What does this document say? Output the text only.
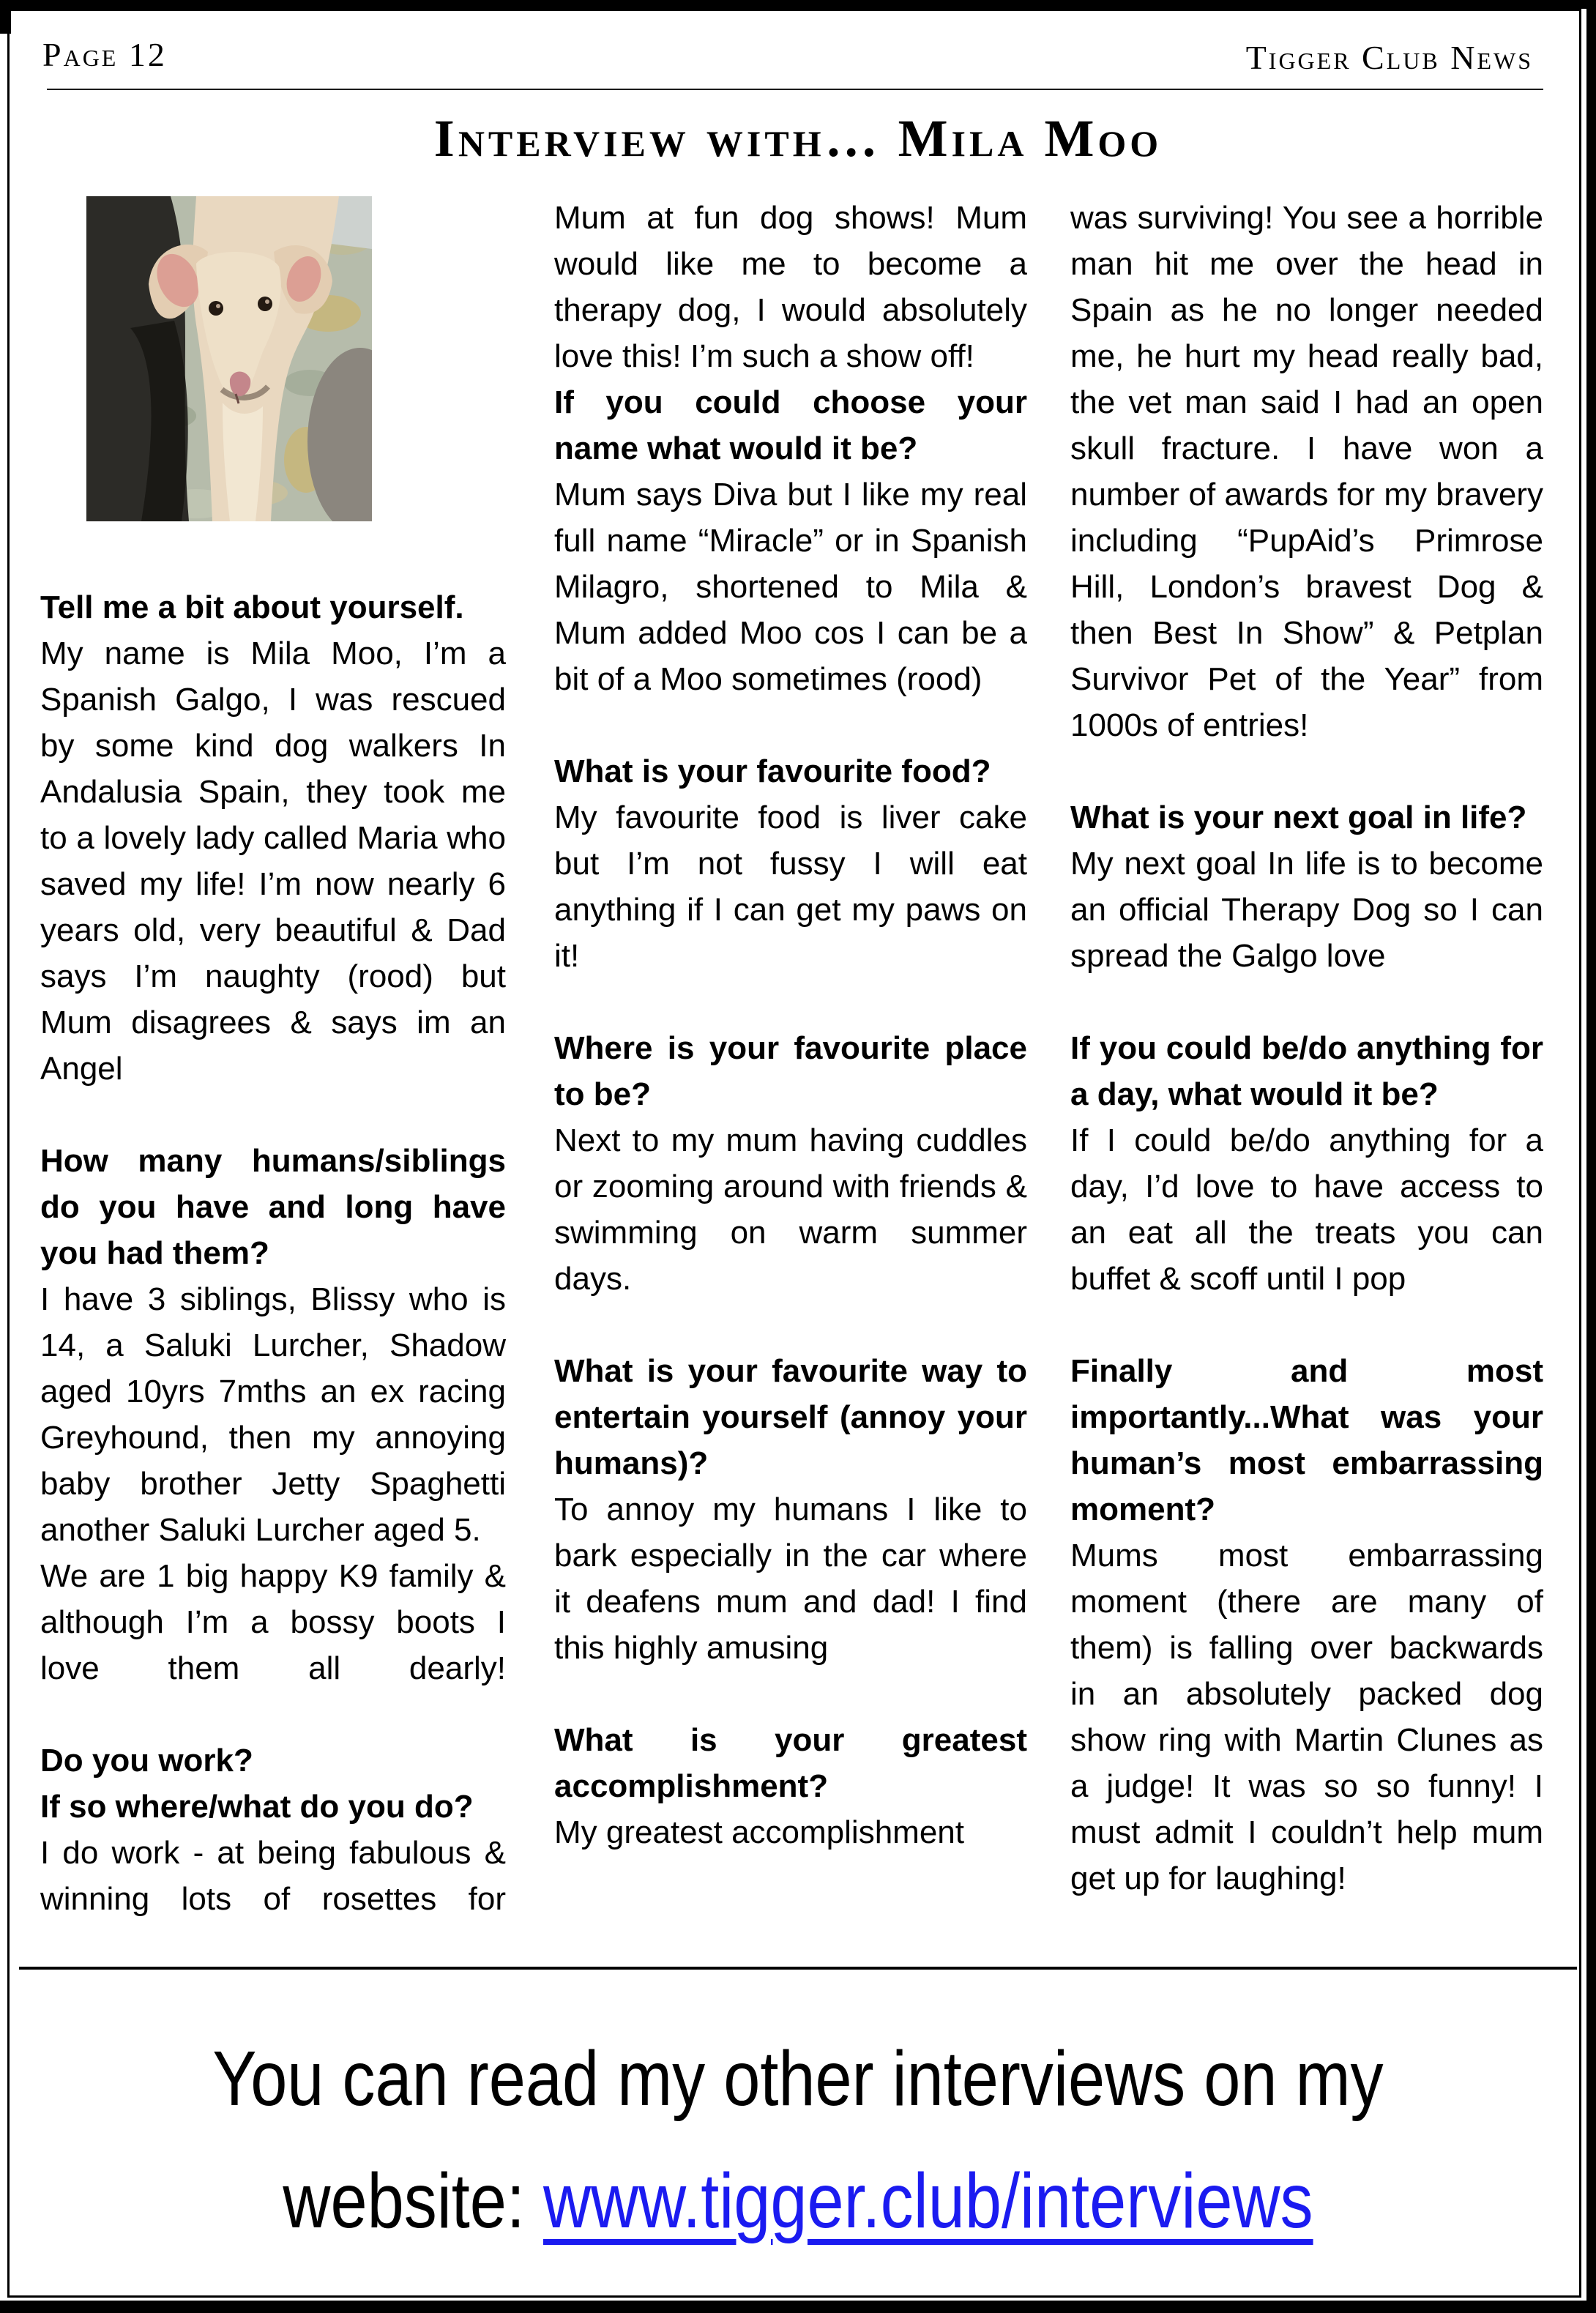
Page 12	Tigger Club News
Interview with… Mila Moo
Tell me a bit about yourself.
My name is Mila Moo, I’m a Spanish Galgo, I was rescued by some kind dog walkers In Andalusia Spain, they took me to a lovely lady called Maria who saved my life! I’m now nearly 6 years old, very beautiful & Dad says I’m naughty (rood) but Mum disagrees & says im an Angel
How many humans/siblings do you have and long have you had them?
I have 3 siblings, Blissy who is 14, a Saluki Lurcher, Shadow aged 10yrs 7mths an ex racing Greyhound, then my annoying baby brother Jetty Spaghetti another Saluki Lurcher aged 5.
We are 1 big happy K9 family & although I’m a bossy boots I love them all dearly!
Do you work?
If so where/what do you do?
I do work - at being fabulous & winning lots of rosettes for
Mum at fun dog shows! Mum would like me to become a therapy dog, I would absolutely love this! I’m such a show off!
If you could choose your name what would it be?
Mum says Diva but I like my real full name “Miracle” or in Spanish Milagro, shortened to Mila & Mum added Moo cos I can be a bit of a Moo sometimes (rood)
What is your favourite food?
My favourite food is liver cake but I’m not fussy I will eat anything if I can get my paws on it!
Where is your favourite place to be?
Next to my mum having cuddles or zooming around with friends & swimming on warm summer days.
What is your favourite way to entertain yourself (annoy your humans)?
To annoy my humans I like to bark especially in the car where it deafens mum and dad! I find this highly amusing
What is your greatest accomplishment?
My greatest accomplishment
was surviving! You see a horrible man hit me over the head in Spain as he no longer needed me, he hurt my head really bad, the vet man said I had an open skull fracture. I have won a number of awards for my bravery including “PupAid’s Primrose Hill, London’s bravest Dog & then Best In Show” & Petplan Survivor Pet of the Year” from 1000s of entries!
What is your next goal in life?
My next goal In life is to become an official Therapy Dog so I can spread the Galgo love
If you could be/do anything for a day, what would it be?
If I could be/do anything for a day, I’d love to have access to an eat all the treats you can buffet & scoff until I pop
Finally and most importantly...What was your human’s most embarrassing moment?
Mums most embarrassing moment (there are many of them) is falling over backwards in an absolutely packed dog show ring with Martin Clunes as a judge! It was so so funny! I must admit I couldn’t help mum get up for laughing!
You can read my other interviews on my
website: www.tigger.club/interviews
